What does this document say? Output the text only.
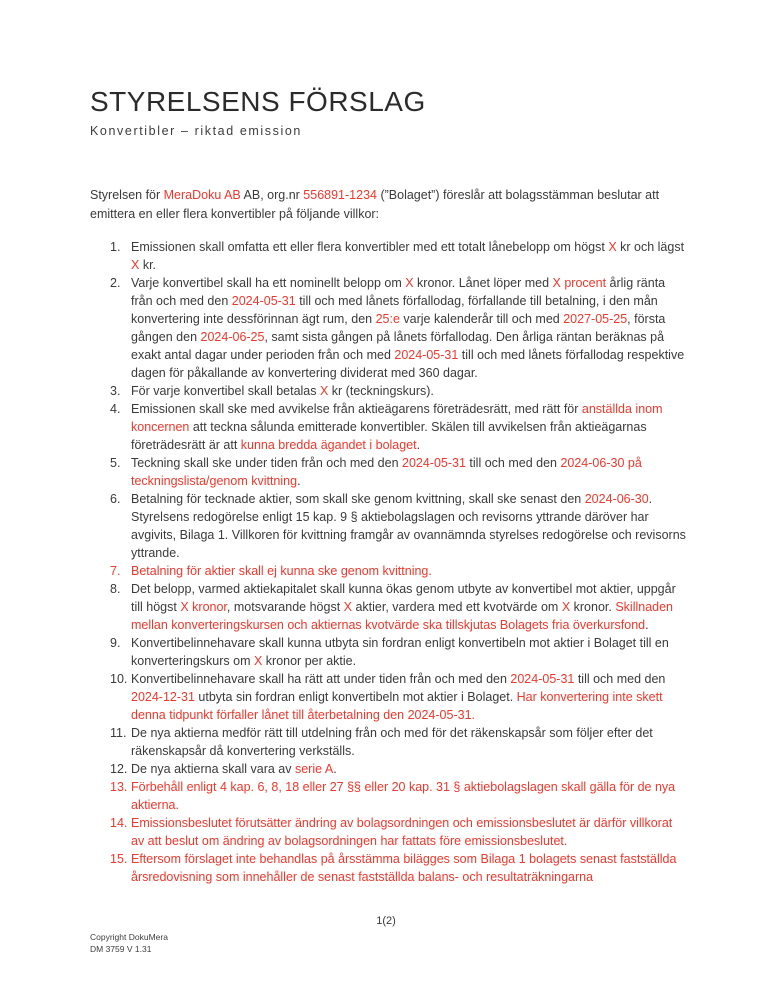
STYRELSENS FÖRSLAG
Konvertibler – riktad emission

Styrelsen för MeraDoku AB AB, org.nr 556891-1234 (”Bolaget”) föreslår att bolagsstämman beslutar att emittera en eller flera konvertibler på följande villkor:

1. Emissionen skall omfatta ett eller flera konvertibler med ett totalt lånebelopp om högst X kr och lägst X kr.
2. Varje konvertibel skall ha ett nominellt belopp om X kronor. Lånet löper med X procent årlig ränta från och med den 2024-05-31 till och med lånets förfallodag, förfallande till betalning, i den mån konvertering inte dessförinnan ägt rum, den 25:e varje kalenderår till och med 2027-05-25, första gången den 2024-06-25, samt sista gången på lånets förfallodag. Den årliga räntan beräknas på exakt antal dagar under perioden från och med 2024-05-31 till och med lånets förfallodag respektive dagen för påkallande av konvertering dividerat med 360 dagar.
3. För varje konvertibel skall betalas X kr (teckningskurs).
4. Emissionen skall ske med avvikelse från aktieägarens företrädesrätt, med rätt för anställda inom koncernen att teckna sålunda emitterade konvertibler. Skälen till avvikelsen från aktieägarnas företrädesrätt är att kunna bredda ägandet i bolaget.
5. Teckning skall ske under tiden från och med den 2024-05-31 till och med den 2024-06-30 på teckningslista/genom kvittning.
6. Betalning för tecknade aktier, som skall ske genom kvittning, skall ske senast den 2024-06-30. Styrelsens redogörelse enligt 15 kap. 9 § aktiebolagslagen och revisorns yttrande däröver har avgivits, Bilaga 1. Villkoren för kvittning framgår av ovannämnda styrelses redogörelse och revisorns yttrande.
7. Betalning för aktier skall ej kunna ske genom kvittning.
8. Det belopp, varmed aktiekapitalet skall kunna ökas genom utbyte av konvertibel mot aktier, uppgår till högst X kronor, motsvarande högst X aktier, vardera med ett kvotvärde om X kronor. Skillnaden mellan konverteringskursen och aktiernas kvotvärde ska tillskjutas Bolagets fria överkursfond.
9. Konvertibelinnehavare skall kunna utbyta sin fordran enligt konvertibeln mot aktier i Bolaget till en konverteringskurs om X kronor per aktie.
10. Konvertibelinnehavare skall ha rätt att under tiden från och med den 2024-05-31 till och med den 2024-12-31 utbyta sin fordran enligt konvertibeln mot aktier i Bolaget. Har konvertering inte skett denna tidpunkt förfaller lånet till återbetalning den 2024-05-31.
11. De nya aktierna medför rätt till utdelning från och med för det räkenskapsår som följer efter det räkenskapsår då konvertering verkställs.
12. De nya aktierna skall vara av serie A.
13. Förbehåll enligt 4 kap. 6, 8, 18 eller 27 §§ eller 20 kap. 31 § aktiebolagslagen skall gälla för de nya aktierna.
14. Emissionsbeslutet förutsätter ändring av bolagsordningen och emissionsbeslutet är därför villkorat av att beslut om ändring av bolagsordningen har fattats före emissionsbeslutet.
15. Eftersom förslaget inte behandlas på årsstämma bilägges som Bilaga 1 bolagets senast fastställda årsredovisning som innehåller de senast fastställda balans- och resultaträkningarna
1(2)
Copyright DokuMera
DM 3759 V 1.31
